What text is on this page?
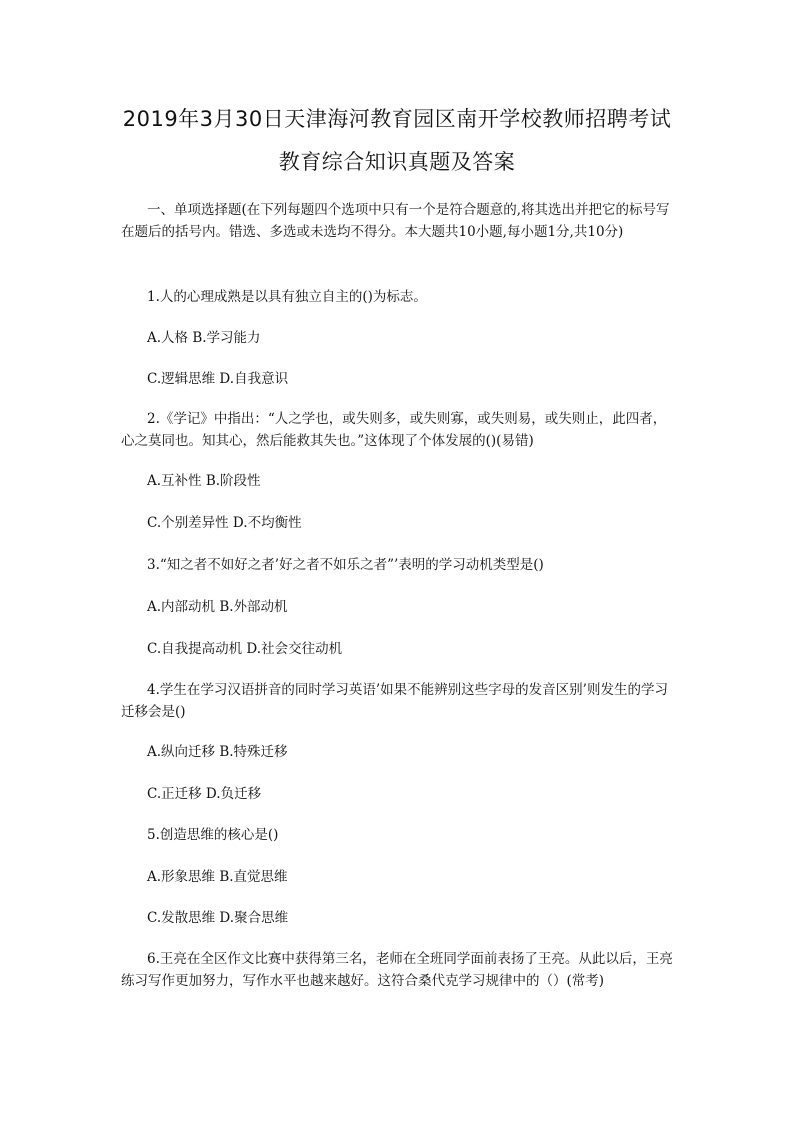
2019年3月30日天津海河教育园区南开学校教师招聘考试
教育综合知识真题及答案

一、单项选择题(在下列每题四个选项中只有一个是符合题意的,将其选出并把它的标号写在题后的括号内。错选、多选或未选均不得分。本大题共10小题,每小题1分,共10分)

1.人的心理成熟是以具有独立自主的()为标志。

A.人格 B.学习能力

C.逻辑思维 D.自我意识

2.《学记》中指出：“人之学也，或失则多，或失则寡，或失则易，或失则止，此四者，心之莫同也。知其心，然后能救其失也。”这体现了个体发展的()(易错)

A.互补性 B.阶段性

C.个别差异性 D.不均衡性

3.“知之者不如好之者’好之者不如乐之者”’表明的学习动机类型是()

A.内部动机 B.外部动机

C.自我提高动机 D.社会交往动机

4.学生在学习汉语拼音的同时学习英语’如果不能辨别这些字母的发音区别’则发生的学习迁移会是()

A.纵向迁移 B.特殊迁移

C.正迁移 D.负迁移

5.创造思维的核心是()

A.形象思维 B.直觉思维

C.发散思维 D.聚合思维

6.王亮在全区作文比赛中获得第三名，老师在全班同学面前表扬了王亮。从此以后，王亮练习写作更加努力，写作水平也越来越好。这符合桑代克学习规律中的（）(常考)
